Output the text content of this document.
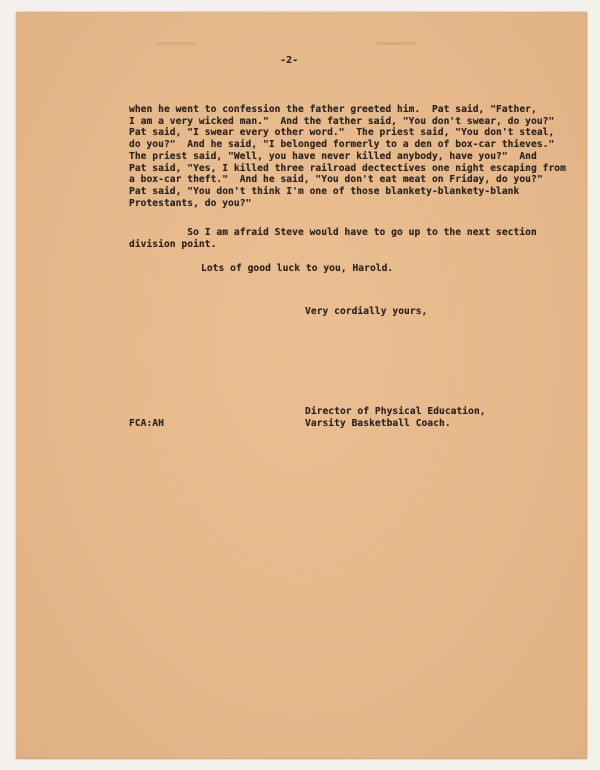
-2-
when he went to confession the father greeted him.  Pat said, "Father,
I am a very wicked man."  And the father said, "You don't swear, do you?"
Pat said, "I swear every other word."  The priest said, "You don't steal,
do you?"  And he said, "I belonged formerly to a den of box-car thieves."
The priest said, "Well, you have never killed anybody, have you?"  And
Pat said, "Yes, I killed three railroad dectectives one night escaping from
a box-car theft."  And he said, "You don't eat meat on Friday, do you?"
Pat said, "You don't think I'm one of those blankety-blankety-blank
Protestants, do you?"
So I am afraid Steve would have to go up to the next section
division point.
Lots of good luck to you, Harold.
Very cordially yours,
Director of Physical Education,
Varsity Basketball Coach.
FCA:AH
